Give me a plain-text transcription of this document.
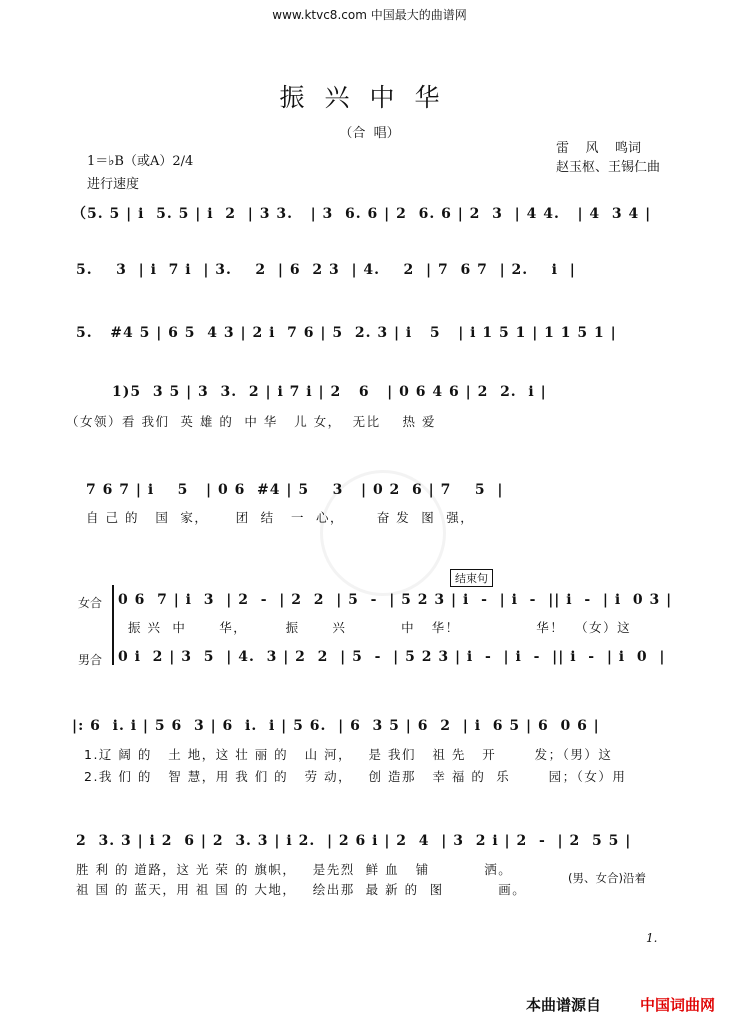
www.ktvc8.com 中国最大的曲谱网
振兴中华
（合  唱）
雷    风    鸣词
赵玉枢、王锡仁曲
1＝♭B（或A）2/4
进行速度
（5. 5 | i  5. 5 | i  2  | 3 3.   | 3  6. 6 | 2  6. 6 | 2  3  | 4 4.   | 4  3 4 |
5.    3  | i  7 i  | 3.    2  | 6  2 3  | 4.    2  | 7  6 7  | 2.    i  |
5.   #4 5 | 6 5  4 3 | 2 i  7 6 | 5  2. 3 | i   5   | i 1 5 1 | 1 1 5 1 |
1)5  3 5 | 3  3.  2 | i 7 i | 2   6   | 0 6 4 6 | 2  2.  i |
（女领）看 我们  英 雄 的  中 华   儿 女，  无比    热 爱
7 6 7 | i    5   | 0 6  #4 | 5    3   | 0 2  6 | 7    5  |
自 己 的   国  家，     团  结   一  心，      奋 发  图  强，
结束句
女合 0 6  7 | i  3  | 2  -  | 2  2  | 5  -  | 5 2 3 | i  -  | i  -  || i  -  | i  0 3 |
振 兴  中      华，       振      兴          中   华！              华！  （女）这
男合 0 i  2 | 3  5  | 4.  3 | 2  2  | 5  -  | 5 2 3 | i  -  | i  -  || i  -  | i  0  |
|: 6  i. i | 5 6  3 | 6  i.  i | 5 6.  | 6  3 5 | 6  2  | i  6 5 | 6  0 6 |
1.辽 阔 的   土 地，这 壮 丽 的   山 河，   是 我们   祖 先   开       发；（男）这
2.我 们 的   智 慧，用 我 们 的   劳 动，   创 造那   幸 福 的  乐       园；（女）用
2  3. 3 | i 2  6 | 2  3. 3 | i 2.  | 2 6 i | 2  4  | 3  2 i | 2  -  | 2  5 5 |
胜 利 的 道路，这 光 荣 的 旗帜，   是先烈  鲜 血   铺          洒。
祖 国 的 蓝天，用 祖 国 的 大地，   绘出那  最 新 的  图          画。
(男、女合)沿着
1.
本曲谱源自	中国词曲网
